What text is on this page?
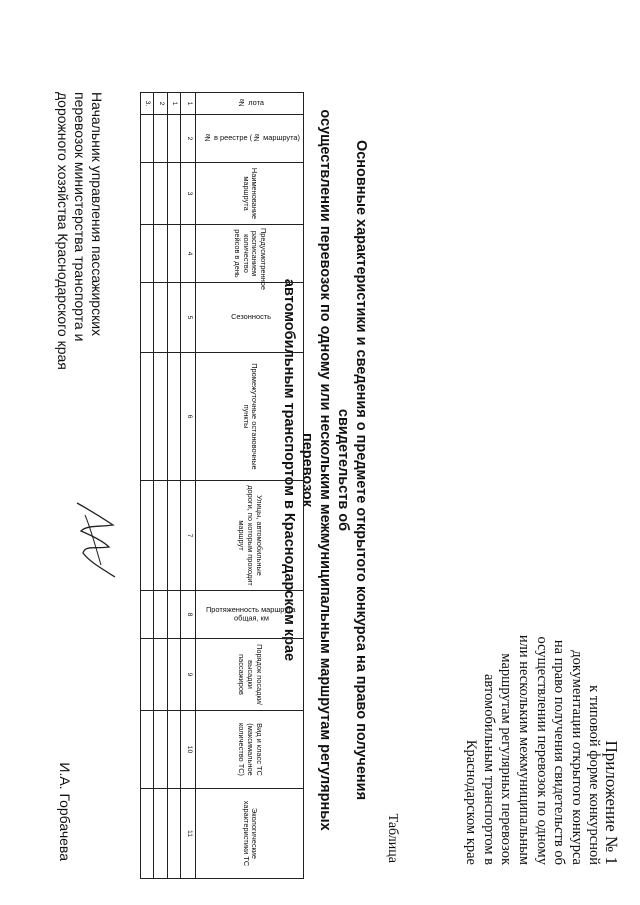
Приложение № 1
к типовой форме конкурсной
документации открытого конкурса
на право получения свидетельств об
осуществлении перевозок по одному
или нескольким межмуниципальным
маршрутам регулярных перевозок
автомобильным транспортом в
Краснодарском крае
Таблица
Основные характеристики и сведения о предмете открытого конкурса на право получения свидетельств об
осуществлении перевозок по одному или нескольким межмуниципальным маршрутам регулярных перевозок
автомобильным транспортом в Краснодарском крае
№ лота	№ в реестре (№ маршрута)	Наименование маршрута	Предусмотренное расписанием количество рейсов в день	Сезонность	Промежуточные остановочные пункты	Улицы, автомобильные дороги, по которым проходит маршрут	Протяженность маршрута общая, км	Порядок посадки/ высадки пассажиров	Вид и класс ТС (максимальное количество ТС)	Экологические характеристики ТС
1	2	3	4	5	6	7	8	9	10	11
1										
2										
3.										
Начальник управления пассажирских
перевозок министерства транспорта и
дорожного хозяйства Краснодарского края
И.А. Горбачева
